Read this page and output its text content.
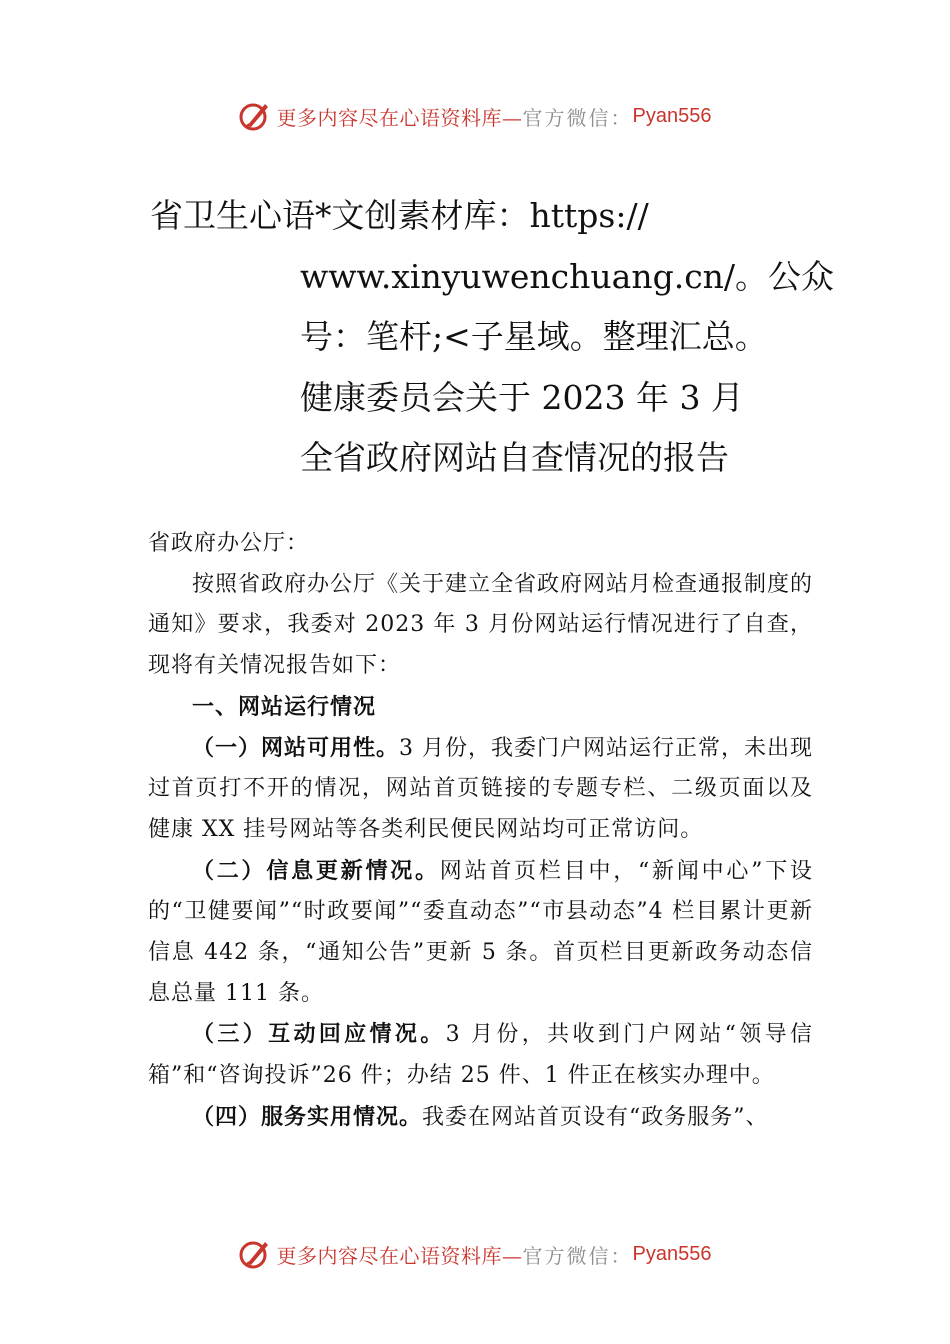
更多内容尽在心语资料库— 官方微信： Pyan556
省卫生心语*文创素材库：https://
www.xinyuwenchuang.cn/。公众
号：笔杆;<子星域。整理汇总。
健康委员会关于 2023 年 3 月
全省政府网站自查情况的报告

省政府办公厅：

按照省政府办公厅《关于建立全省政府网站月检查通报制度的通知》要求，我委对 2023 年 3 月份网站运行情况进行了自查，现将有关情况报告如下：

一、网站运行情况

（一）网站可用性。3 月份，我委门户网站运行正常，未出现过首页打不开的情况，网站首页链接的专题专栏、二级页面以及健康 XX 挂号网站等各类利民便民网站均可正常访问。

（二）信息更新情况。网站首页栏目中，“新闻中心”下设的“卫健要闻”“时政要闻”“委直动态”“市县动态”4 栏目累计更新信息 442 条，“通知公告”更新 5 条。首页栏目更新政务动态信息总量 111 条。

（三）互动回应情况。3 月份，共收到门户网站“领导信箱”和“咨询投诉”26 件；办结 25 件、1 件正在核实办理中。

（四）服务实用情况。我委在网站首页设有“政务服务”、

更多内容尽在心语资料库— 官方微信： Pyan556
